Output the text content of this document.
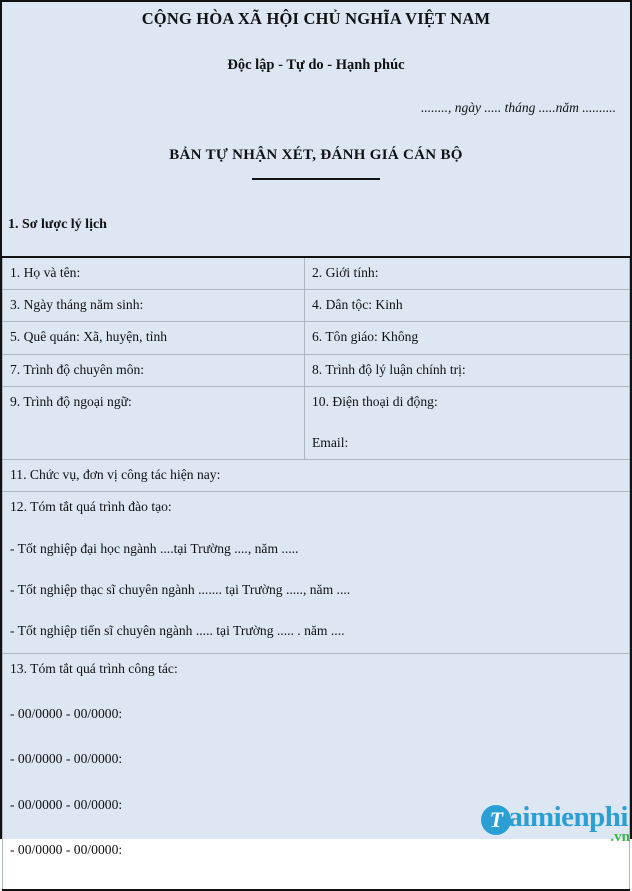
CỘNG HÒA XÃ HỘI CHỦ NGHĨA VIỆT NAM
Độc lập - Tự do - Hạnh phúc
........, ngày ..... tháng .....năm ..........
BẢN TỰ NHẬN XÉT, ĐÁNH GIÁ CÁN BỘ
1. Sơ lược lý lịch
1. Họ và tên:	2. Giới tính:
3. Ngày tháng năm sinh:	4. Dân tộc: Kinh
5. Quê quán: Xã, huyện, tỉnh	6. Tôn giáo: Không
7. Trình độ chuyên môn:	8. Trình độ lý luận chính trị:
9. Trình độ ngoại ngữ:	10. Điện thoại di động:
Email:

11. Chức vụ, đơn vị công tác hiện nay:	

12. Tóm tắt quá trình đào tạo:

- Tốt nghiệp đại học ngành ....tại Trường ...., năm .....

- Tốt nghiệp thạc sĩ chuyên ngành ....... tại Trường ....., năm ....

- Tốt nghiệp tiến sĩ chuyên ngành ..... tại Trường ..... . năm ....	

13. Tóm tắt quá trình công tác:

- 00/0000 - 00/0000:

- 00/0000 - 00/0000:

- 00/0000 - 00/0000:

- 00/0000 - 00/0000:	

T aimienphi
.vn
